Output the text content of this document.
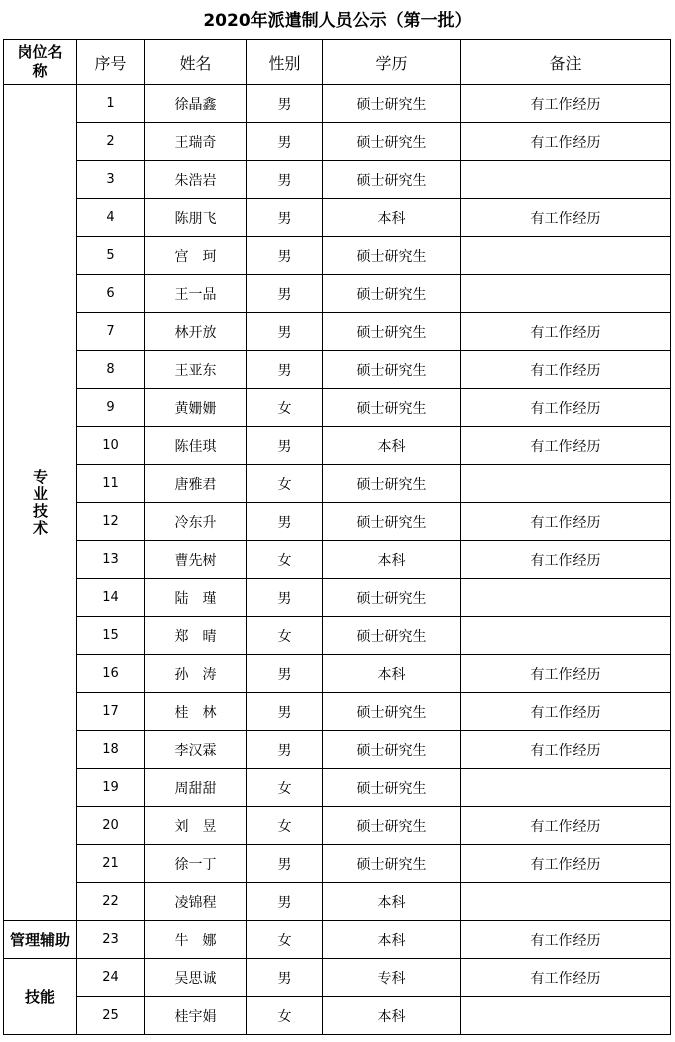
2020年派遣制人员公示（第一批）
岗位名称	序号	姓名	性别	学历	备注
专业技术	1	徐晶鑫	男	硕士研究生	有工作经历
	2	王瑞奇	男	硕士研究生	有工作经历
	3	朱浩岩	男	硕士研究生	
	4	陈朋飞	男	本科	有工作经历
	5	宫　珂	男	硕士研究生	
	6	王一品	男	硕士研究生	
	7	林开放	男	硕士研究生	有工作经历
	8	王亚东	男	硕士研究生	有工作经历
	9	黄姗姗	女	硕士研究生	有工作经历
	10	陈佳琪	男	本科	有工作经历
	11	唐雅君	女	硕士研究生	
	12	冷东升	男	硕士研究生	有工作经历
	13	曹先树	女	本科	有工作经历
	14	陆　瑾	男	硕士研究生	
	15	郑　晴	女	硕士研究生	
	16	孙　涛	男	本科	有工作经历
	17	桂　林	男	硕士研究生	有工作经历
	18	李汉霖	男	硕士研究生	有工作经历
	19	周甜甜	女	硕士研究生	
	20	刘　昱	女	硕士研究生	有工作经历
	21	徐一丁	男	硕士研究生	有工作经历
	22	凌锦程	男	本科	
管理辅助	23	牛　娜	女	本科	有工作经历
技能	24	吴思诚	男	专科	有工作经历
	25	桂宇娟	女	本科	
